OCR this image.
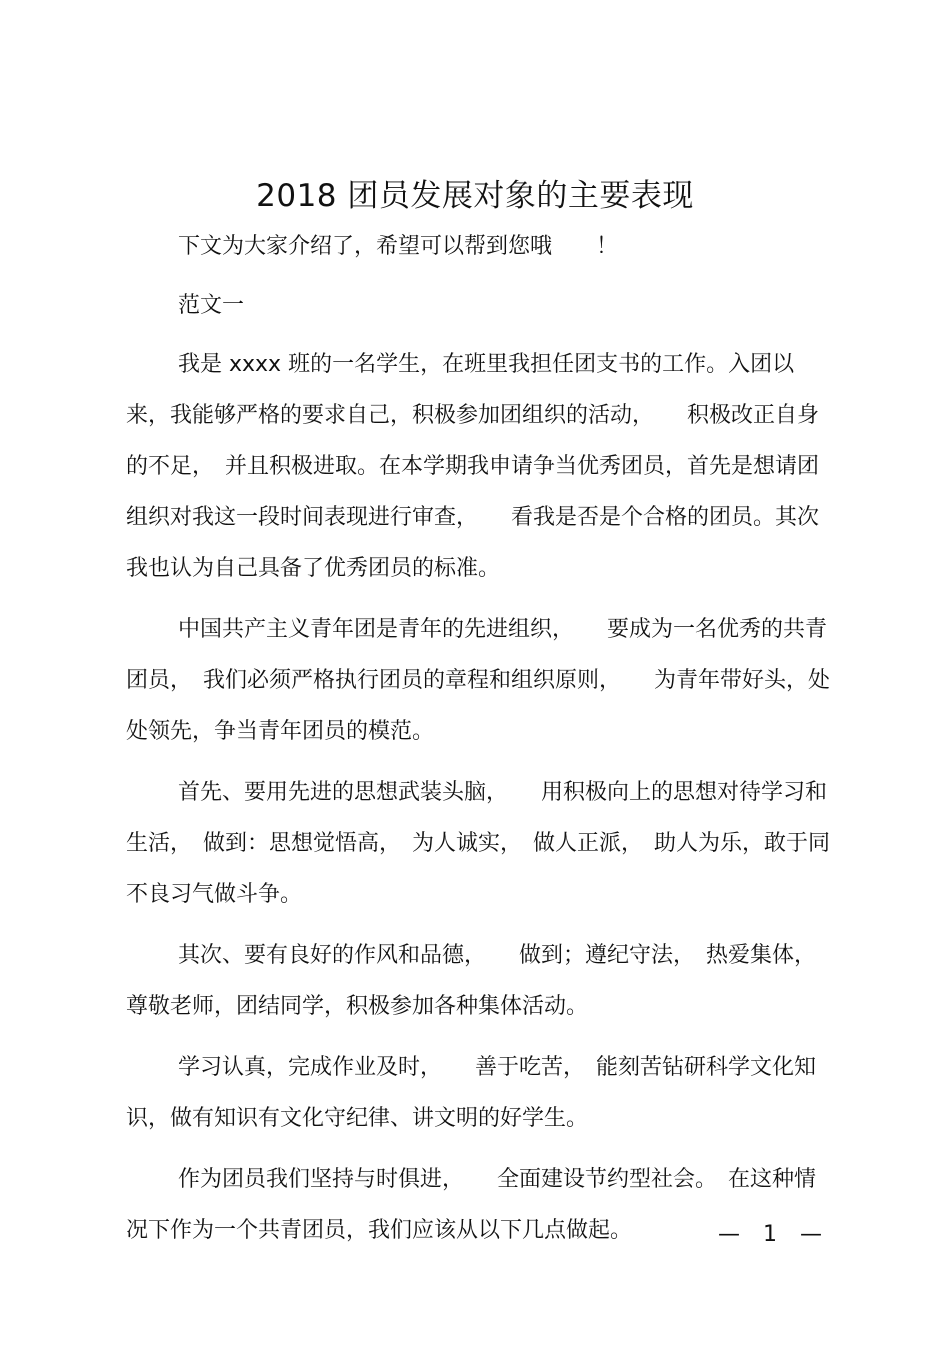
2018 团员发展对象的主要表现

下文为大家介绍了，希望可以帮到您哦　　！

范文一

我是 xxxx 班的一名学生，在班里我担任团支书的工作。入团以来，我能够严格的要求自己，积极参加团组织的活动，　　积极改正自身的不足，　并且积极进取。在本学期我申请争当优秀团员，首先是想请团组织对我这一段时间表现进行审查，　　看我是否是个合格的团员。其次我也认为自己具备了优秀团员的标准。

中国共产主义青年团是青年的先进组织，　　要成为一名优秀的共青团员，　我们必须严格执行团员的章程和组织原则，　　为青年带好头，处处领先，争当青年团员的模范。

首先、要用先进的思想武装头脑，　　用积极向上的思想对待学习和生活，　做到：思想觉悟高，　为人诚实，　做人正派，　助人为乐，敢于同不良习气做斗争。

其次、要有良好的作风和品德，　　做到；遵纪守法，　热爱集体，尊敬老师，团结同学，积极参加各种集体活动。

学习认真，完成作业及时，　　善于吃苦，　能刻苦钻研科学文化知识，做有知识有文化守纪律、讲文明的好学生。

作为团员我们坚持与时俱进，　　全面建设节约型社会。　在这种情况下作为一个共青团员，我们应该从以下几点做起。	— 1 —
